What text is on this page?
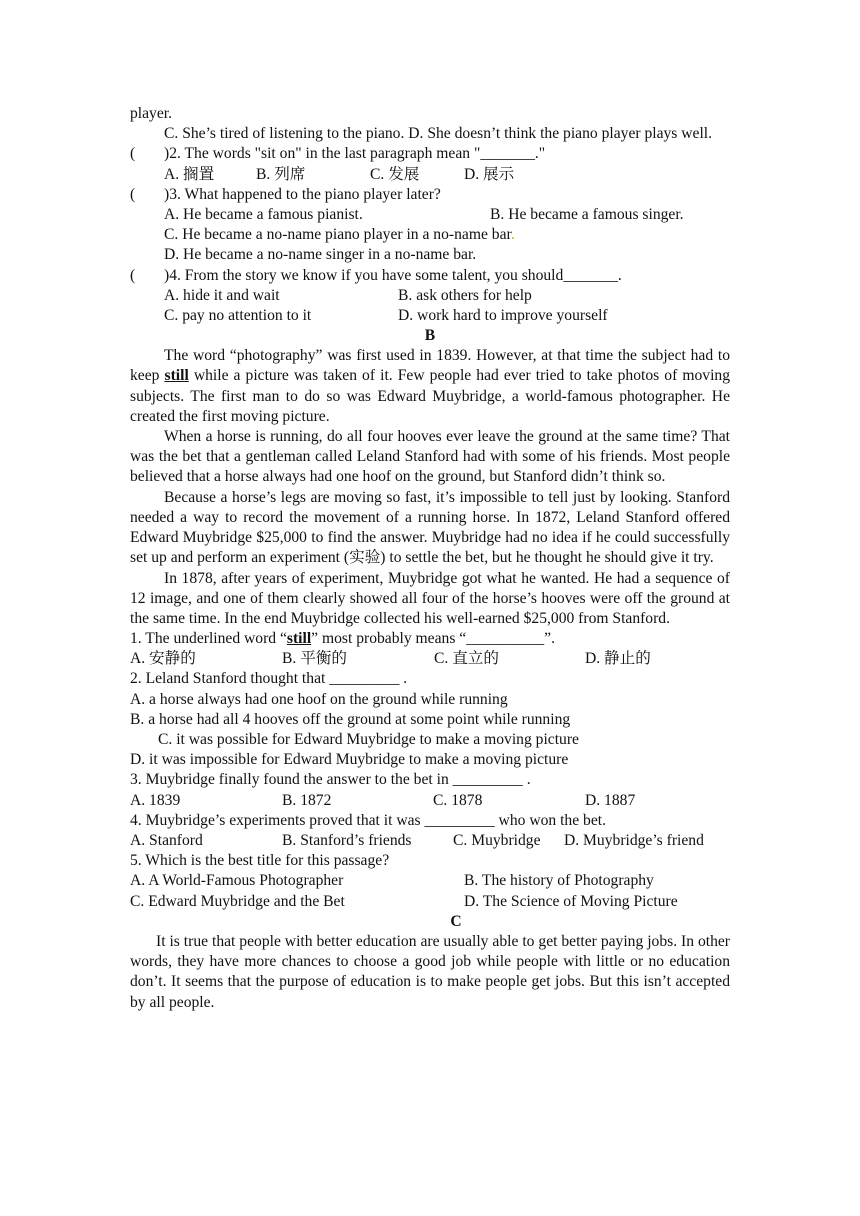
player.
C. She’s tired of listening to the piano. D. She doesn’t think the piano player plays well.
(	)2. The words "sit on" in the last paragraph mean "_______."
A. 搁置	B. 列席	C. 发展	D. 展示
(	)3. What happened to the piano player later?
A. He became a famous pianist.	B. He became a famous singer.
C. He became a no-name piano player in a no-name bar.
D. He became a no-name singer in a no-name bar.
(	)4. From the story we know if you have some talent, you should_______.
A. hide it and wait	B. ask others for help
C. pay no attention to it	D. work hard to improve yourself
B
The word “photography” was first used in 1839. However, at that time the subject had to keep still while a picture was taken of it. Few people had ever tried to take photos of moving subjects. The first man to do so was Edward Muybridge, a world-famous photographer. He created the first moving picture.
When a horse is running, do all four hooves ever leave the ground at the same time? That was the bet that a gentleman called Leland Stanford had with some of his friends. Most people believed that a horse always had one hoof on the ground, but Stanford didn’t think so.
Because a horse’s legs are moving so fast, it’s impossible to tell just by looking. Stanford needed a way to record the movement of a running horse. In 1872, Leland Stanford offered Edward Muybridge $25,000 to find the answer. Muybridge had no idea if he could successfully set up and perform an experiment (实验) to settle the bet, but he thought he should give it try.
In 1878, after years of experiment, Muybridge got what he wanted. He had a sequence of 12 image, and one of them clearly showed all four of the horse’s hooves were off the ground at the same time. In the end Muybridge collected his well-earned $25,000 from Stanford.
1. The underlined word “still” most probably means “__________”.
A. 安静的	B. 平衡的	C. 直立的	D. 静止的
2. Leland Stanford thought that _________ .
A. a horse always had one hoof on the ground while running
B. a horse had all 4 hooves off the ground at some point while running
C. it was possible for Edward Muybridge to make a moving picture
D. it was impossible for Edward Muybridge to make a moving picture
3. Muybridge finally found the answer to the bet in _________ .
A. 1839	B. 1872	C. 1878	D. 1887
4. Muybridge’s experiments proved that it was _________ who won the bet.
A. Stanford	B. Stanford’s friends	C. Muybridge	D. Muybridge’s friend
5. Which is the best title for this passage?
A. A World-Famous Photographer	B. The history of Photography
C. Edward Muybridge and the Bet	D. The Science of Moving Picture
C
It is true that people with better education are usually able to get better paying jobs. In other words, they have more chances to choose a good job while people with little or no education don’t. It seems that the purpose of education is to make people get jobs. But this isn’t accepted by all people.
